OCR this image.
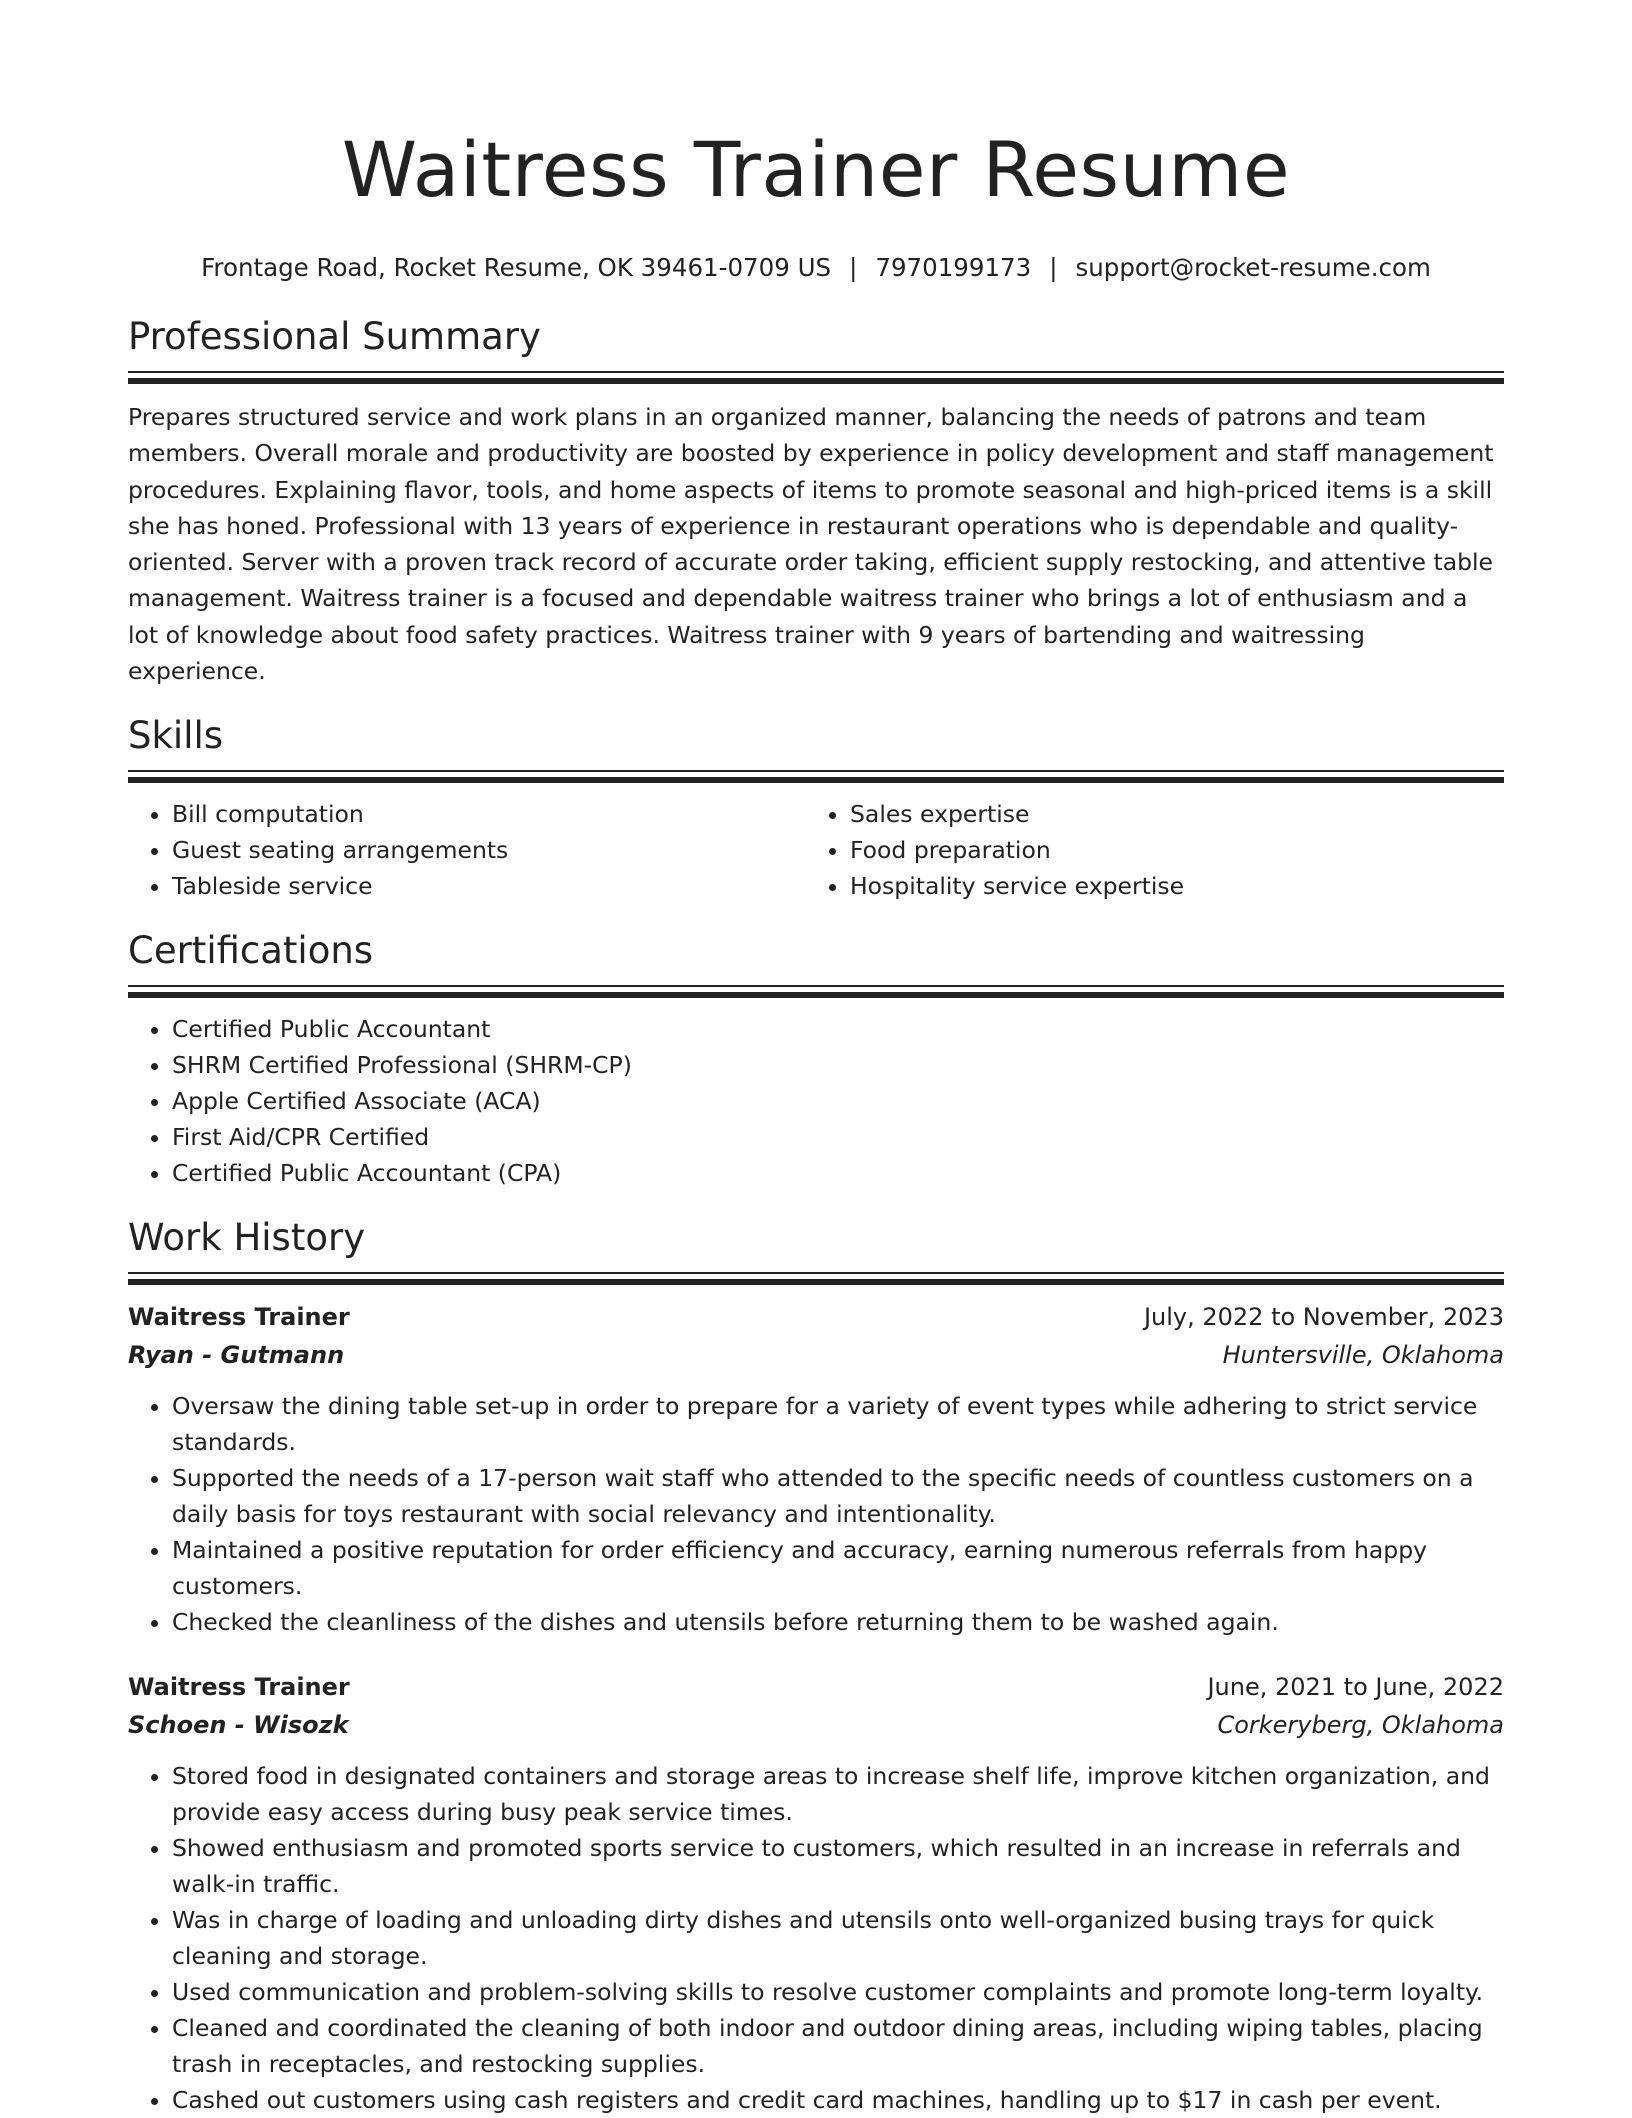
Waitress Trainer Resume
Frontage Road, Rocket Resume, OK 39461-0709 US | 7970199173 | support@rocket-resume.com
Professional Summary

Prepares structured service and work plans in an organized manner, balancing the needs of patrons and team members. Overall morale and productivity are boosted by experience in policy development and staff management procedures. Explaining flavor, tools, and home aspects of items to promote seasonal and high-priced items is a skill she has honed. Professional with 13 years of experience in restaurant operations who is dependable and quality-oriented. Server with a proven track record of accurate order taking, efficient supply restocking, and attentive table management. Waitress trainer is a focused and dependable waitress trainer who brings a lot of enthusiasm and a lot of knowledge about food safety practices. Waitress trainer with 9 years of bartending and waitressing experience.

Skills
• Bill computation
• Guest seating arrangements
• Tableside service
• Sales expertise
• Food preparation
• Hospitality service expertise
Certifications
• Certified Public Accountant
• SHRM Certified Professional (SHRM-CP)
• Apple Certified Associate (ACA)
• First Aid/CPR Certified
• Certified Public Accountant (CPA)
Work History
Waitress Trainer	July, 2022 to November, 2023
Ryan - Gutmann	Huntersville, Oklahoma
• Oversaw the dining table set-up in order to prepare for a variety of event types while adhering to strict service standards.
• Supported the needs of a 17-person wait staff who attended to the specific needs of countless customers on a daily basis for toys restaurant with social relevancy and intentionality.
• Maintained a positive reputation for order efficiency and accuracy, earning numerous referrals from happy customers.
• Checked the cleanliness of the dishes and utensils before returning them to be washed again.
Waitress Trainer	June, 2021 to June, 2022
Schoen - Wisozk	Corkeryberg, Oklahoma
• Stored food in designated containers and storage areas to increase shelf life, improve kitchen organization, and provide easy access during busy peak service times.
• Showed enthusiasm and promoted sports service to customers, which resulted in an increase in referrals and walk-in traffic.
• Was in charge of loading and unloading dirty dishes and utensils onto well-organized busing trays for quick cleaning and storage.
• Used communication and problem-solving skills to resolve customer complaints and promote long-term loyalty.
• Cleaned and coordinated the cleaning of both indoor and outdoor dining areas, including wiping tables, placing trash in receptacles, and restocking supplies.
• Cashed out customers using cash registers and credit card machines, handling up to $17 in cash per event.
